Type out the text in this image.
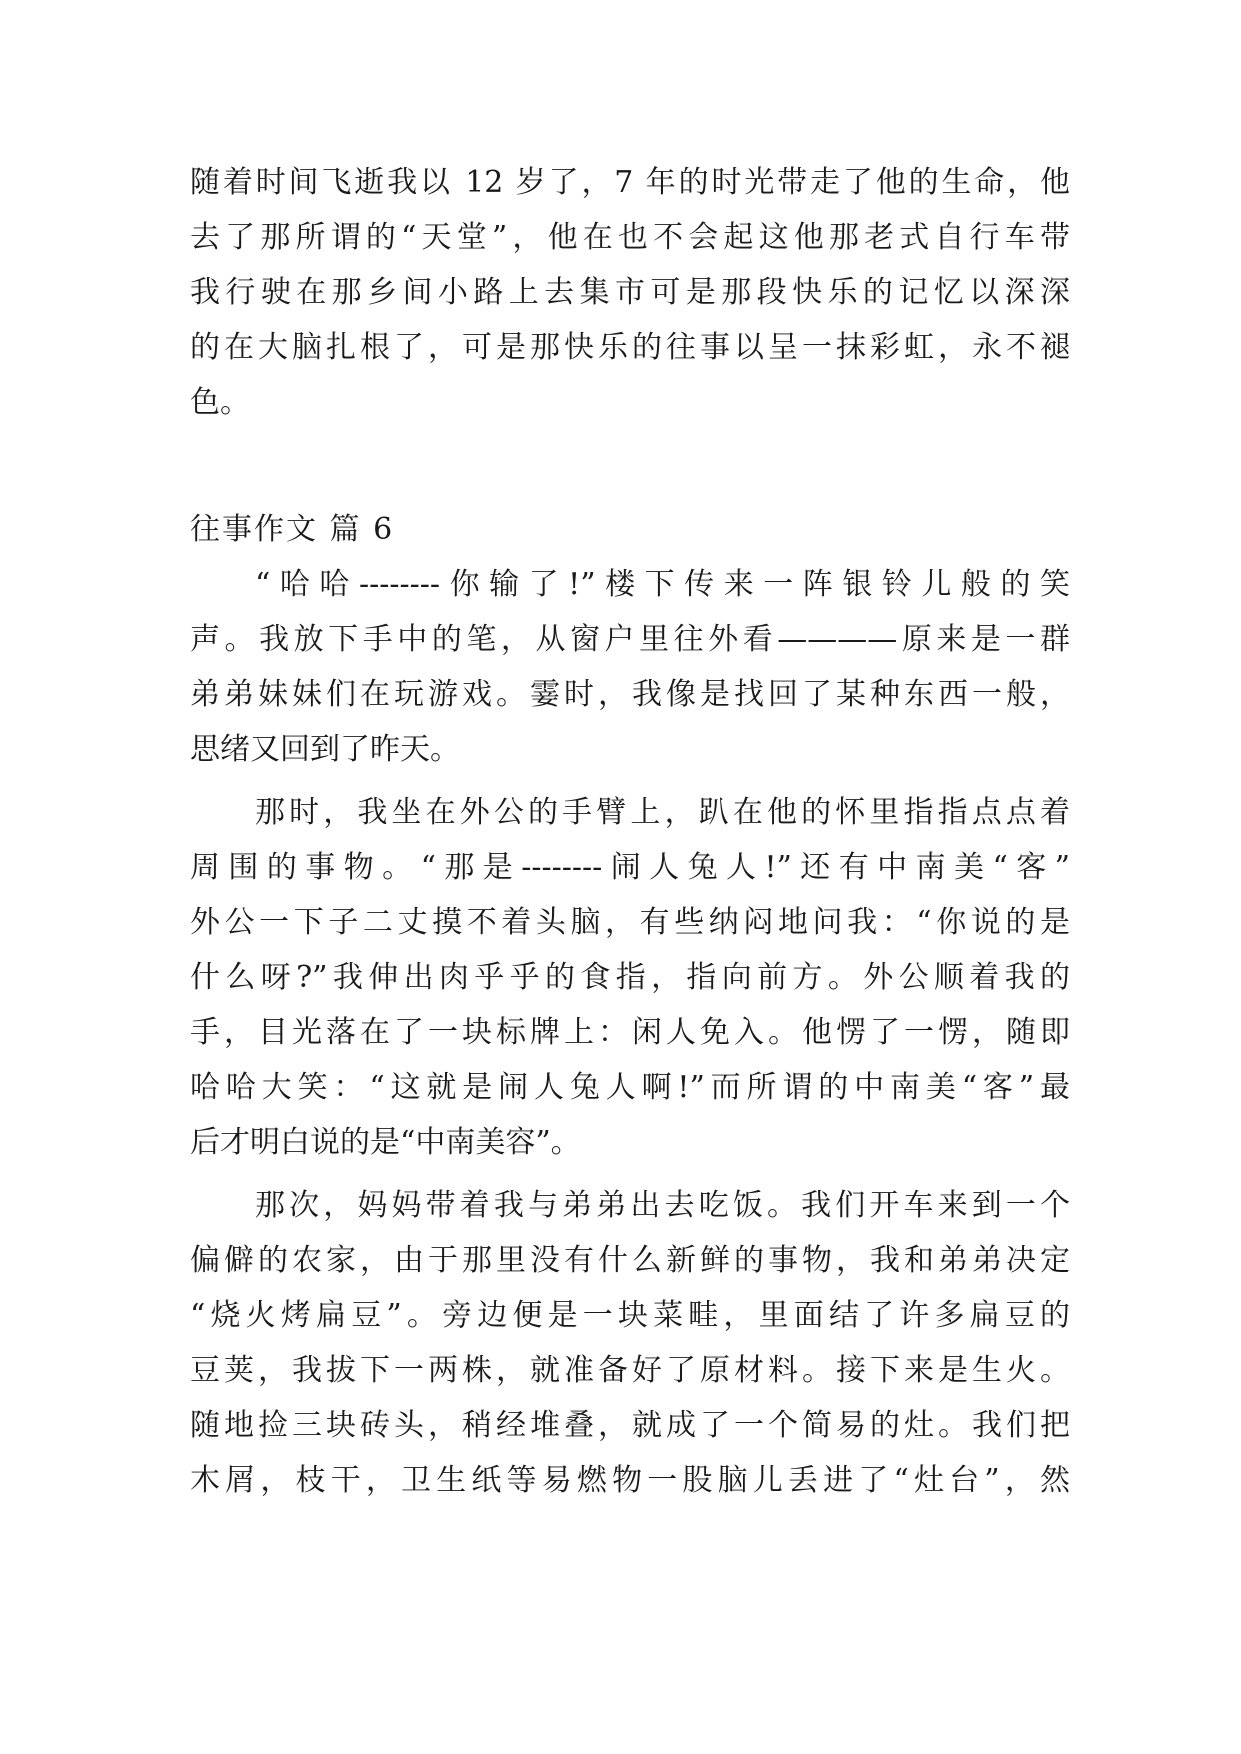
随着时间飞逝我以 12 岁了，7 年的时光带走了他的生命，他
去了那所谓的“天堂”，他在也不会起这他那老式自行车带
我行驶在那乡间小路上去集市可是那段快乐的记忆以深深
的在大脑扎根了，可是那快乐的往事以呈一抹彩虹，永不褪
色。
往事作文 篇 6
“哈哈--------你输了!”楼下传来一阵银铃儿般的笑
声。我放下手中的笔，从窗户里往外看————原来是一群
弟弟妹妹们在玩游戏。霎时，我像是找回了某种东西一般，
思绪又回到了昨天。
那时，我坐在外公的手臂上，趴在他的怀里指指点点着
周围的事物。“那是--------闹人兔人!”还有中南美“客”
外公一下子二丈摸不着头脑，有些纳闷地问我：“你说的是
什么呀?”我伸出肉乎乎的食指，指向前方。外公顺着我的
手，目光落在了一块标牌上：闲人免入。他愣了一愣，随即
哈哈大笑：“这就是闹人兔人啊!”而所谓的中南美“客”最
后才明白说的是“中南美容”。
那次，妈妈带着我与弟弟出去吃饭。我们开车来到一个
偏僻的农家，由于那里没有什么新鲜的事物，我和弟弟决定
“烧火烤扁豆”。旁边便是一块菜畦，里面结了许多扁豆的
豆荚，我拔下一两株，就准备好了原材料。接下来是生火。
随地捡三块砖头，稍经堆叠，就成了一个简易的灶。我们把
木屑，枝干，卫生纸等易燃物一股脑儿丢进了“灶台”，然
